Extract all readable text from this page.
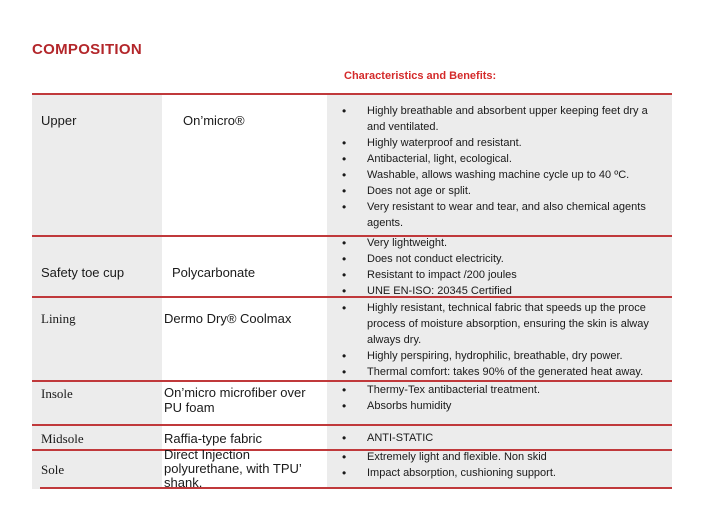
COMPOSITION
Characteristics and Benefits:
Upper	On’micro®
• Highly breathable and absorbent upper keeping feet dry a
and ventilated.
• Highly waterproof and resistant.
• Antibacterial, light, ecological.
• Washable, allows washing machine cycle up to 40 ºC.
• Does not age or split.
• Very resistant to wear and tear, and also chemical agents
agents.
Safety toe cup	Polycarbonate
• Very lightweight.
• Does not conduct electricity.
• Resistant to impact /200 joules
• UNE EN-ISO: 20345 Certified
Lining	Dermo Dry® Coolmax
• Highly resistant, technical fabric that speeds up the proce
process of moisture absorption, ensuring the skin is alway
always dry.
• Highly perspiring, hydrophilic, breathable, dry power.
• Thermal comfort: takes 90% of the generated heat away.
Insole	On’micro microfiber over PU foam
• Thermy-Tex antibacterial treatment.
• Absorbs humidity
Midsole	Raffia-type fabric
•	ANTI-STATIC
Sole
Direct Injection polyurethane, with TPU’ shank.
• Extremely light and flexible. Non skid
• Impact absorption, cushioning support.
